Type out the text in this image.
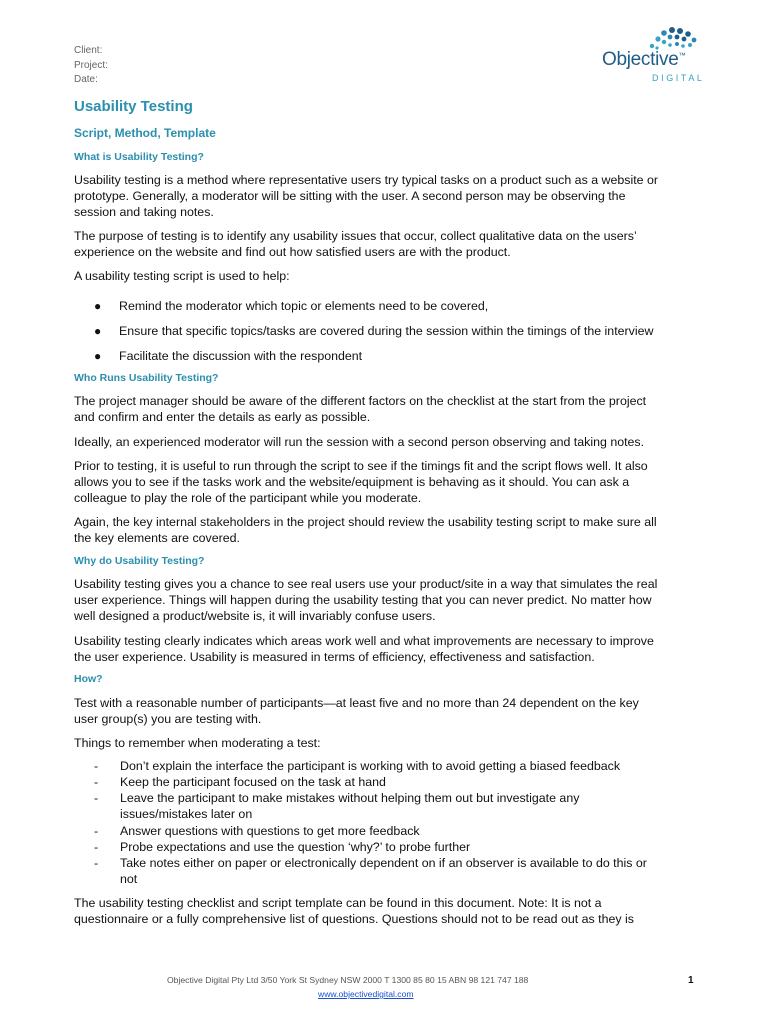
Client:
Project:
Date:
Objective™
DIGITAL
Usability Testing
Script, Method, Template
What is Usability Testing?
Usability testing is a method where representative users try typical tasks on a product such as a website or
prototype. Generally, a moderator will be sitting with the user. A second person may be observing the
session and taking notes.
The purpose of testing is to identify any usability issues that occur, collect qualitative data on the users’
experience on the website and find out how satisfied users are with the product.
A usability testing script is used to help:
● Remind the moderator which topic or elements need to be covered,
● Ensure that specific topics/tasks are covered during the session within the timings of the interview
● Facilitate the discussion with the respondent
Who Runs Usability Testing?
The project manager should be aware of the different factors on the checklist at the start from the project
and confirm and enter the details as early as possible.
Ideally, an experienced moderator will run the session with a second person observing and taking notes.
Prior to testing, it is useful to run through the script to see if the timings fit and the script flows well. It also
allows you to see if the tasks work and the website/equipment is behaving as it should. You can ask a
colleague to play the role of the participant while you moderate.
Again, the key internal stakeholders in the project should review the usability testing script to make sure all
the key elements are covered.
Why do Usability Testing?
Usability testing gives you a chance to see real users use your product/site in a way that simulates the real
user experience. Things will happen during the usability testing that you can never predict. No matter how
well designed a product/website is, it will invariably confuse users.
Usability testing clearly indicates which areas work well and what improvements are necessary to improve
the user experience. Usability is measured in terms of efficiency, effectiveness and satisfaction.
How?
Test with a reasonable number of participants—at least five and no more than 24 dependent on the key
user group(s) you are testing with.
Things to remember when moderating a test:
- Don’t explain the interface the participant is working with to avoid getting a biased feedback
- Keep the participant focused on the task at hand
- Leave the participant to make mistakes without helping them out but investigate any
issues/mistakes later on
- Answer questions with questions to get more feedback
- Probe expectations and use the question ‘why?’ to probe further
- Take notes either on paper or electronically dependent on if an observer is available to do this or
not
The usability testing checklist and script template can be found in this document. Note: It is not a
questionnaire or a fully comprehensive list of questions. Questions should not to be read out as they is
Objective Digital Pty Ltd 3/50 York St Sydney NSW 2000 T 1300 85 80 15 ABN 98 121 747 188
www.objectivedigital.com
1
